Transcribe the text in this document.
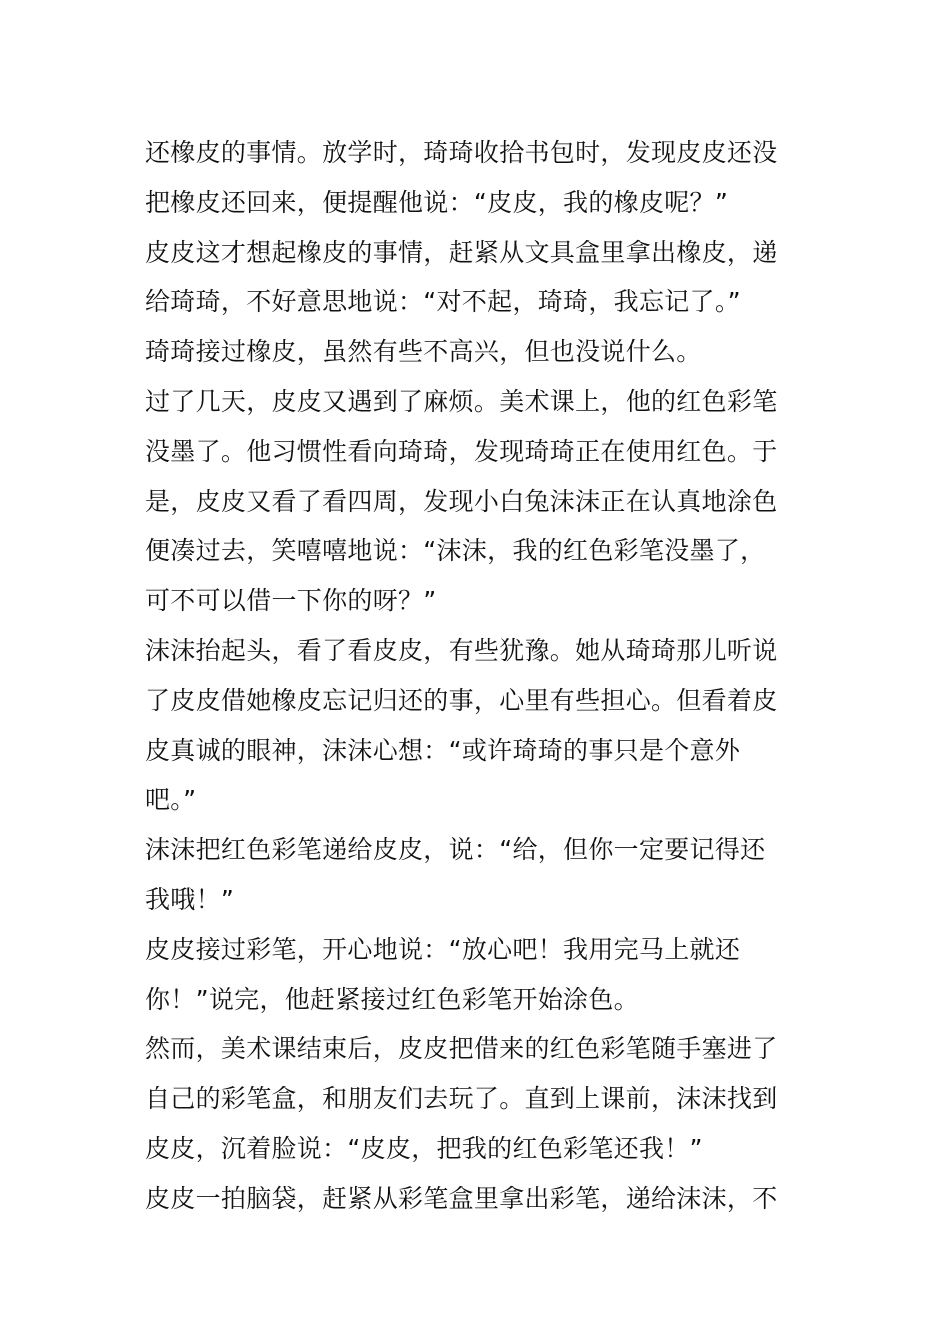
还橡皮的事情。放学时，琦琦收拾书包时，发现皮皮还没
把橡皮还回来，便提醒他说：“皮皮，我的橡皮呢？”
皮皮这才想起橡皮的事情，赶紧从文具盒里拿出橡皮，递
给琦琦，不好意思地说：“对不起，琦琦，我忘记了。”
琦琦接过橡皮，虽然有些不高兴，但也没说什么。
过了几天，皮皮又遇到了麻烦。美术课上，他的红色彩笔
没墨了。他习惯性看向琦琦，发现琦琦正在使用红色。于
是，皮皮又看了看四周，发现小白兔沫沫正在认真地涂色
便凑过去，笑嘻嘻地说：“沫沫，我的红色彩笔没墨了，
可不可以借一下你的呀？”
沫沫抬起头，看了看皮皮，有些犹豫。她从琦琦那儿听说
了皮皮借她橡皮忘记归还的事，心里有些担心。但看着皮
皮真诚的眼神，沫沫心想：“或许琦琦的事只是个意外
吧。”
沫沫把红色彩笔递给皮皮，说：“给，但你一定要记得还
我哦！”
皮皮接过彩笔，开心地说：“放心吧！我用完马上就还
你！”说完，他赶紧接过红色彩笔开始涂色。
然而，美术课结束后，皮皮把借来的红色彩笔随手塞进了
自己的彩笔盒，和朋友们去玩了。直到上课前，沫沫找到
皮皮，沉着脸说：“皮皮，把我的红色彩笔还我！”
皮皮一拍脑袋，赶紧从彩笔盒里拿出彩笔，递给沫沫，不
